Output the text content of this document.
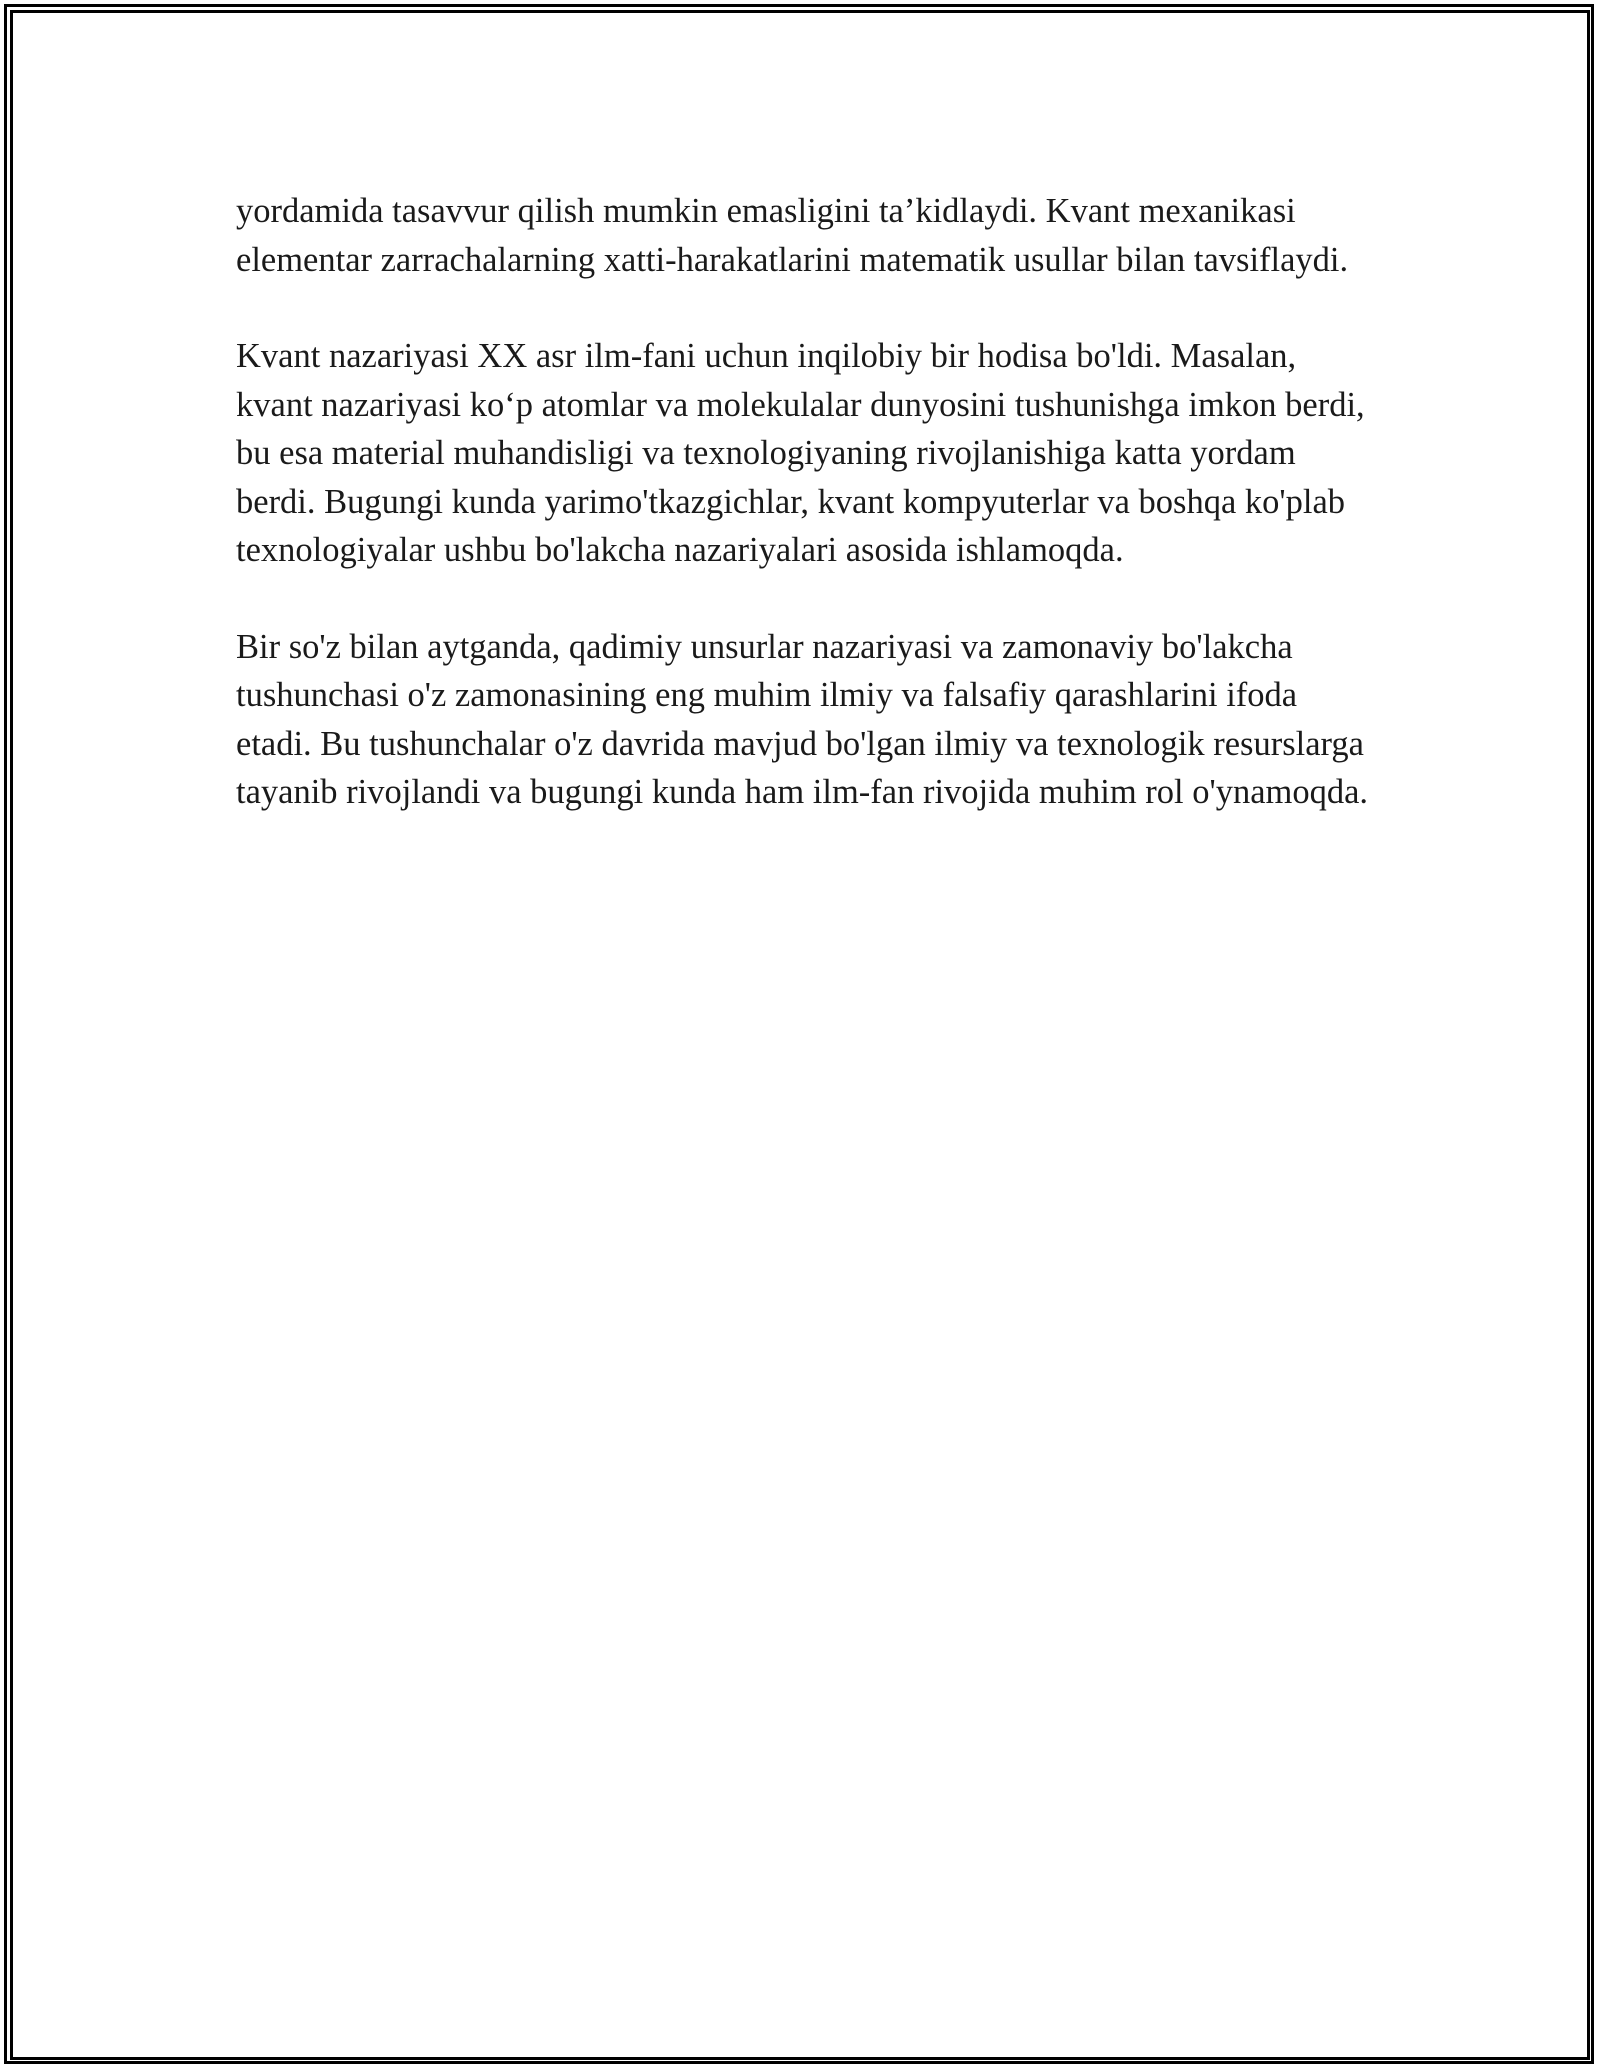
yordamida tasavvur qilish mumkin emasligini ta’kidlaydi. Kvant mexanikasi elementar zarrachalarning xatti-harakatlarini matematik usullar bilan tavsiflaydi.

Kvant nazariyasi XX asr ilm-fani uchun inqilobiy bir hodisa bo'ldi. Masalan, kvant nazariyasi ko‘p atomlar va molekulalar dunyosini tushunishga imkon berdi, bu esa material muhandisligi va texnologiyaning rivojlanishiga katta yordam berdi. Bugungi kunda yarimo'tkazgichlar, kvant kompyuterlar va boshqa ko'plab texnologiyalar ushbu bo'lakcha nazariyalari asosida ishlamoqda.

Bir so'z bilan aytganda, qadimiy unsurlar nazariyasi va zamonaviy bo'lakcha tushunchasi o'z zamonasining eng muhim ilmiy va falsafiy qarashlarini ifoda etadi. Bu tushunchalar o'z davrida mavjud bo'lgan ilmiy va texnologik resurslarga tayanib rivojlandi va bugungi kunda ham ilm-fan rivojida muhim rol o'ynamoqda.
